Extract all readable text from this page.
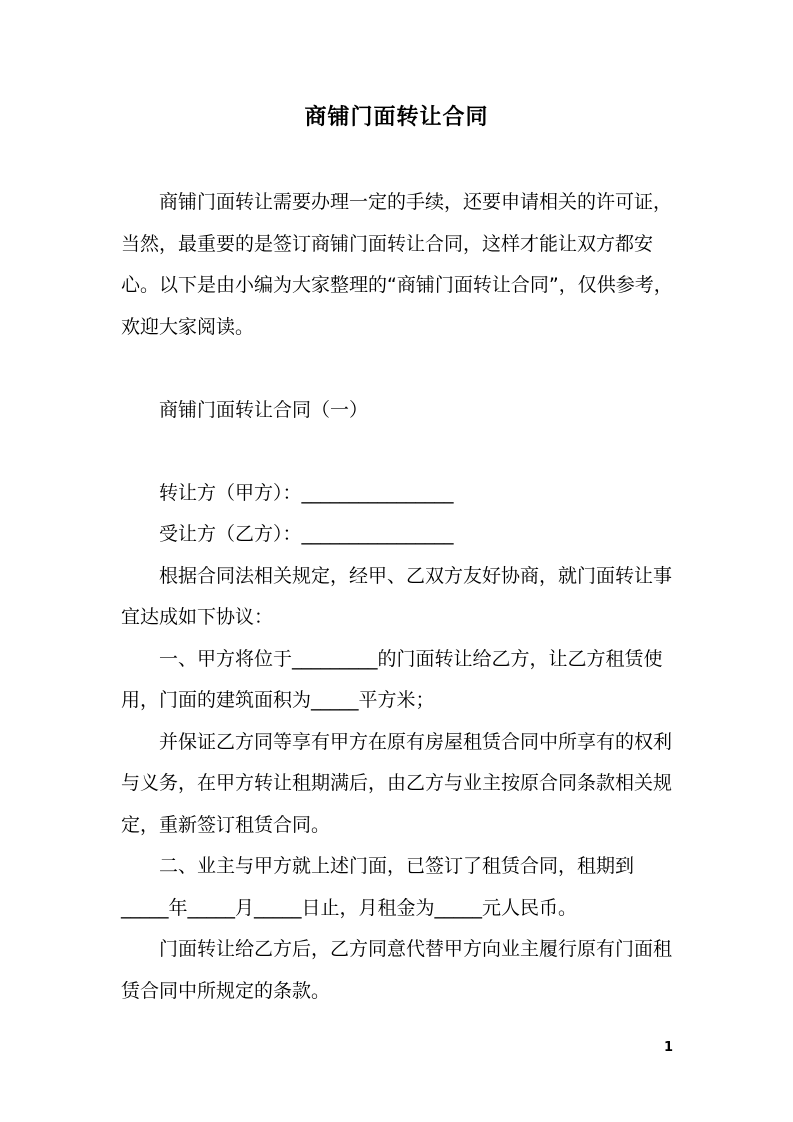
商铺门面转让合同

商铺门面转让需要办理一定的手续，还要申请相关的许可证，当然，最重要的是签订商铺门面转让合同，这样才能让双方都安心。以下是由小编为大家整理的“商铺门面转让合同”，仅供参考，欢迎大家阅读。

商铺门面转让合同（一）

转让方（甲方）：________________

受让方（乙方）：________________

根据合同法相关规定，经甲、乙双方友好协商，就门面转让事宜达成如下协议：

一、甲方将位于_________的门面转让给乙方，让乙方租赁使用，门面的建筑面积为_____平方米；

并保证乙方同等享有甲方在原有房屋租赁合同中所享有的权利与义务，在甲方转让租期满后，由乙方与业主按原合同条款相关规定，重新签订租赁合同。

二、业主与甲方就上述门面，已签订了租赁合同，租期到_____年_____月_____日止，月租金为_____元人民币。

门面转让给乙方后，乙方同意代替甲方向业主履行原有门面租赁合同中所规定的条款。

1
